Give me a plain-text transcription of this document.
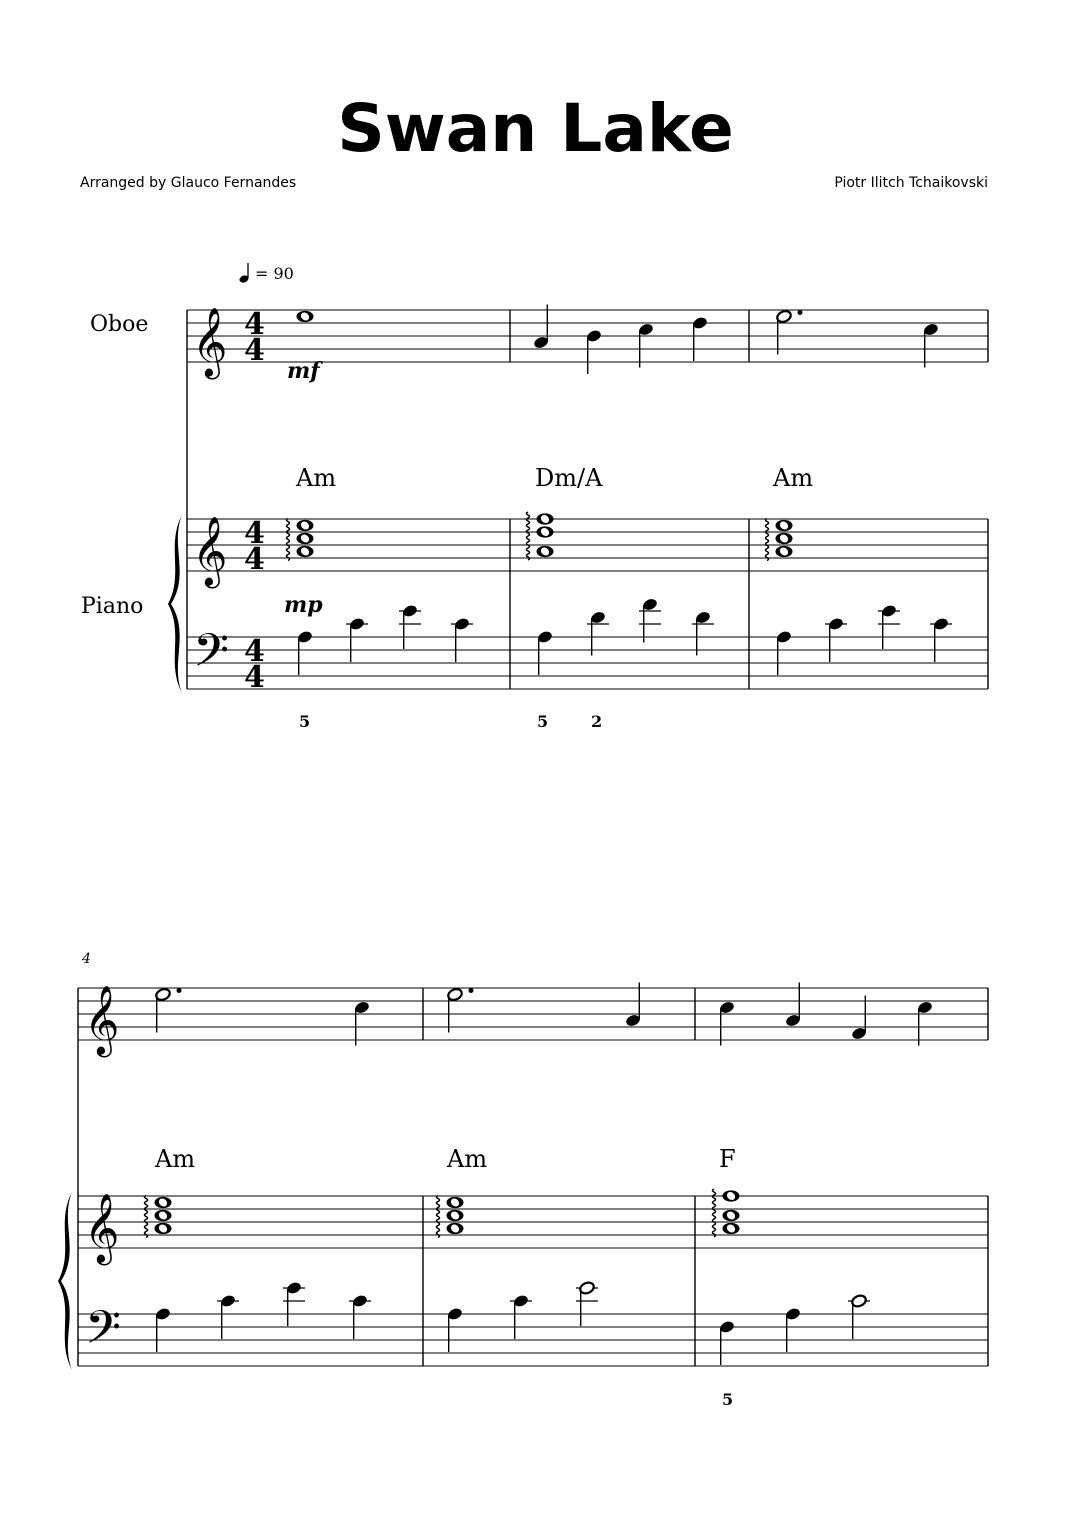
Swan Lake
Arranged by Glauco Fernandes	Piotr Ilitch Tchaikovski
= 90
Oboe
Piano
Am	Dm/A	Am
Am	Am	F
mf
mp
5	5	2
5
4
𝄞 4
4
𝄞 4
4
𝄢 4
4
𝄞
𝄞
𝄢
